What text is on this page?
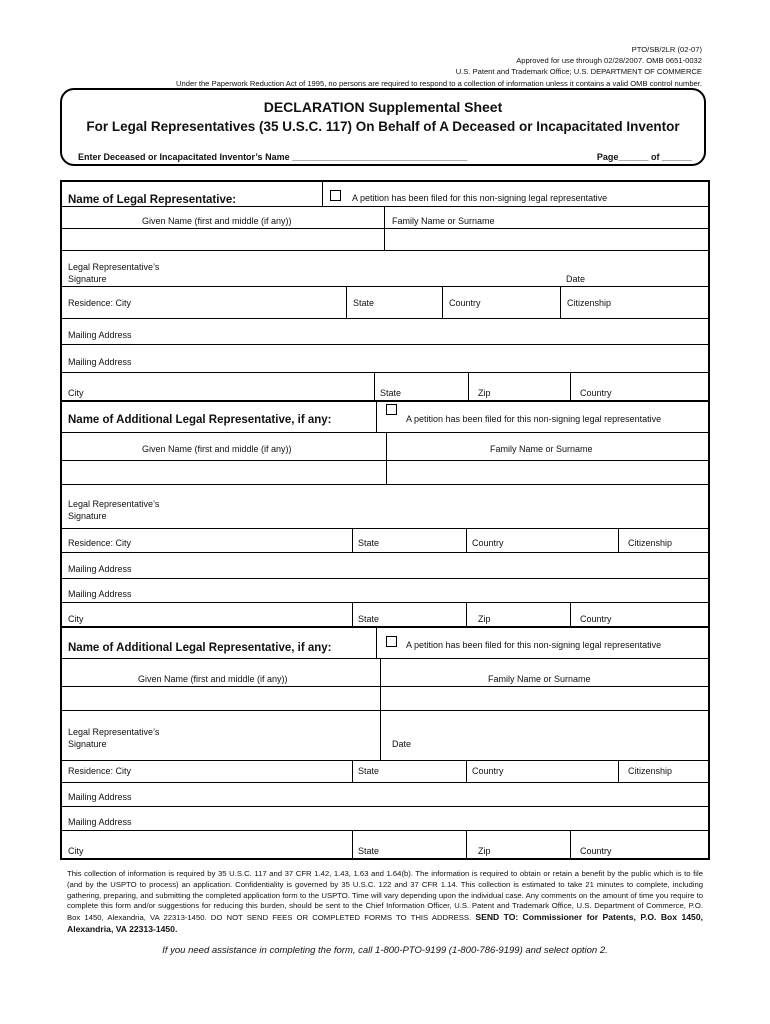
PTO/SB/2LR (02-07)
Approved for use through 02/28/2007. OMB 0651-0032
U.S. Patent and Trademark Office; U.S. DEPARTMENT OF COMMERCE
Under the Paperwork Reduction Act of 1995, no persons are required to respond to a collection of information unless it contains a valid OMB control number.
DECLARATION Supplemental Sheet
For Legal Representatives (35 U.S.C. 117) On Behalf of A Deceased or Incapacitated Inventor
Enter Deceased or Incapacitated Inventor’s Name ___________________________________	Page______ of ______
Name of Legal Representative:	A petition has been filed for this non-signing legal representative
Given Name (first and middle (if any))	Family Name or Surname
Legal Representative’s
Signature	Date
Residence: City	State	Country	Citizenship
Mailing Address
Mailing Address
City	State	Zip	Country
Name of Additional Legal Representative, if any:	A petition has been filed for this non-signing legal representative
Given Name (first and middle (if any))	Family Name or Surname
Legal Representative’s
Signature
Residence: City	State	Country	Citizenship
Mailing Address
Mailing Address
City	State	Zip	Country
Name of Additional Legal Representative, if any:	A petition has been filed for this non-signing legal representative
Given Name (first and middle (if any))	Family Name or Surname
Legal Representative’s
Signature	Date
Residence: City	State	Country	Citizenship
Mailing Address
Mailing Address
City	State	Zip	Country
This collection of information is required by 35 U.S.C. 117 and 37 CFR 1.42, 1.43, 1.63 and 1.64(b). The information is required to obtain or retain a benefit by the public which is to file (and by the USPTO to process) an application. Confidentiality is governed by 35 U.S.C. 122 and 37 CFR 1.14. This collection is estimated to take 21 minutes to complete, including gathering, preparing, and submitting the completed application form to the USPTO. Time will vary depending upon the individual case. Any comments on the amount of time you require to complete this form and/or suggestions for reducing this burden, should be sent to the Chief Information Officer, U.S. Patent and Trademark Office, U.S. Department of Commerce, P.O. Box 1450, Alexandria, VA 22313-1450. DO NOT SEND FEES OR COMPLETED FORMS TO THIS ADDRESS. SEND TO: Commissioner for Patents, P.O. Box 1450, Alexandria, VA 22313-1450.
If you need assistance in completing the form, call 1-800-PTO-9199 (1-800-786-9199) and select option 2.
